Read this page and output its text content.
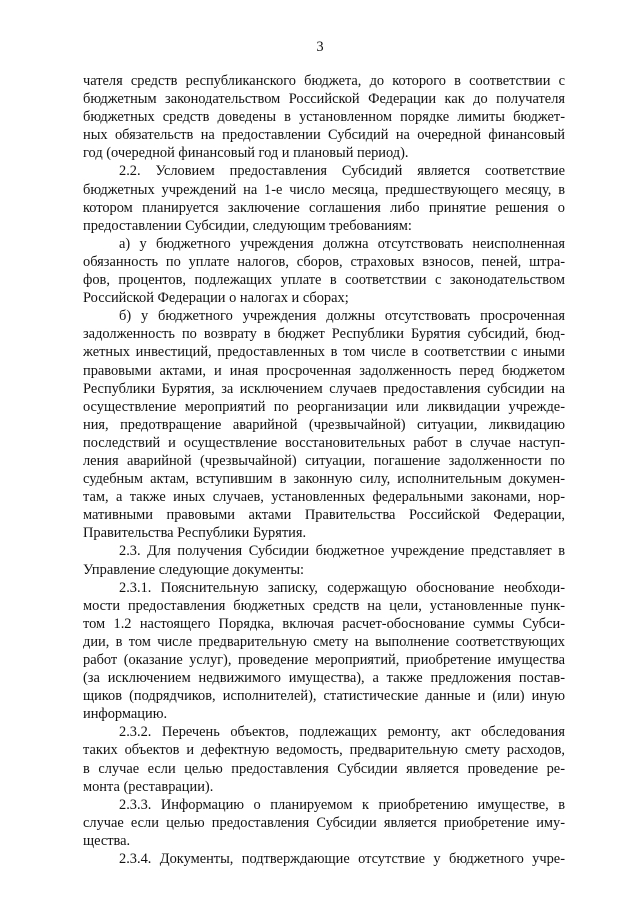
3
чателя средств республиканского бюджета, до которого в соответствии с
бюджетным законодательством Российской Федерации как до получателя
бюджетных средств доведены в установленном порядке лимиты бюджет-
ных обязательств на предоставлении Субсидий на очередной финансовый
год (очередной финансовый год и плановый период).
2.2. Условием предоставления Субсидий является соответствие
бюджетных учреждений на 1-е число месяца, предшествующего месяцу, в
котором планируется заключение соглашения либо принятие решения о
предоставлении Субсидии, следующим требованиям:
а) у бюджетного учреждения должна отсутствовать неисполненная
обязанность по уплате налогов, сборов, страховых взносов, пеней, штра-
фов, процентов, подлежащих уплате в соответствии с законодательством
Российской Федерации о налогах и сборах;
б) у бюджетного учреждения должны отсутствовать просроченная
задолженность по возврату в бюджет Республики Бурятия субсидий, бюд-
жетных инвестиций, предоставленных в том числе в соответствии с иными
правовыми актами, и иная просроченная задолженность перед бюджетом
Республики Бурятия, за исключением случаев предоставления субсидии на
осуществление мероприятий по реорганизации или ликвидации учрежде-
ния, предотвращение аварийной (чрезвычайной) ситуации, ликвидацию
последствий и осуществление восстановительных работ в случае наступ-
ления аварийной (чрезвычайной) ситуации, погашение задолженности по
судебным актам, вступившим в законную силу, исполнительным докумен-
там, а также иных случаев, установленных федеральными законами, нор-
мативными правовыми актами Правительства Российской Федерации,
Правительства Республики Бурятия.
2.3. Для получения Субсидии бюджетное учреждение представляет в
Управление следующие документы:
2.3.1. Пояснительную записку, содержащую обоснование необходи-
мости предоставления бюджетных средств на цели, установленные пунк-
том 1.2 настоящего Порядка, включая расчет-обоснование суммы Субси-
дии, в том числе предварительную смету на выполнение соответствующих
работ (оказание услуг), проведение мероприятий, приобретение имущества
(за исключением недвижимого имущества), а также предложения постав-
щиков (подрядчиков, исполнителей), статистические данные и (или) иную
информацию.
2.3.2. Перечень объектов, подлежащих ремонту, акт обследования
таких объектов и дефектную ведомость, предварительную смету расходов,
в случае если целью предоставления Субсидии является проведение ре-
монта (реставрации).
2.3.3. Информацию о планируемом к приобретению имуществе, в
случае если целью предоставления Субсидии является приобретение иму-
щества.
2.3.4. Документы, подтверждающие отсутствие у бюджетного учре-
